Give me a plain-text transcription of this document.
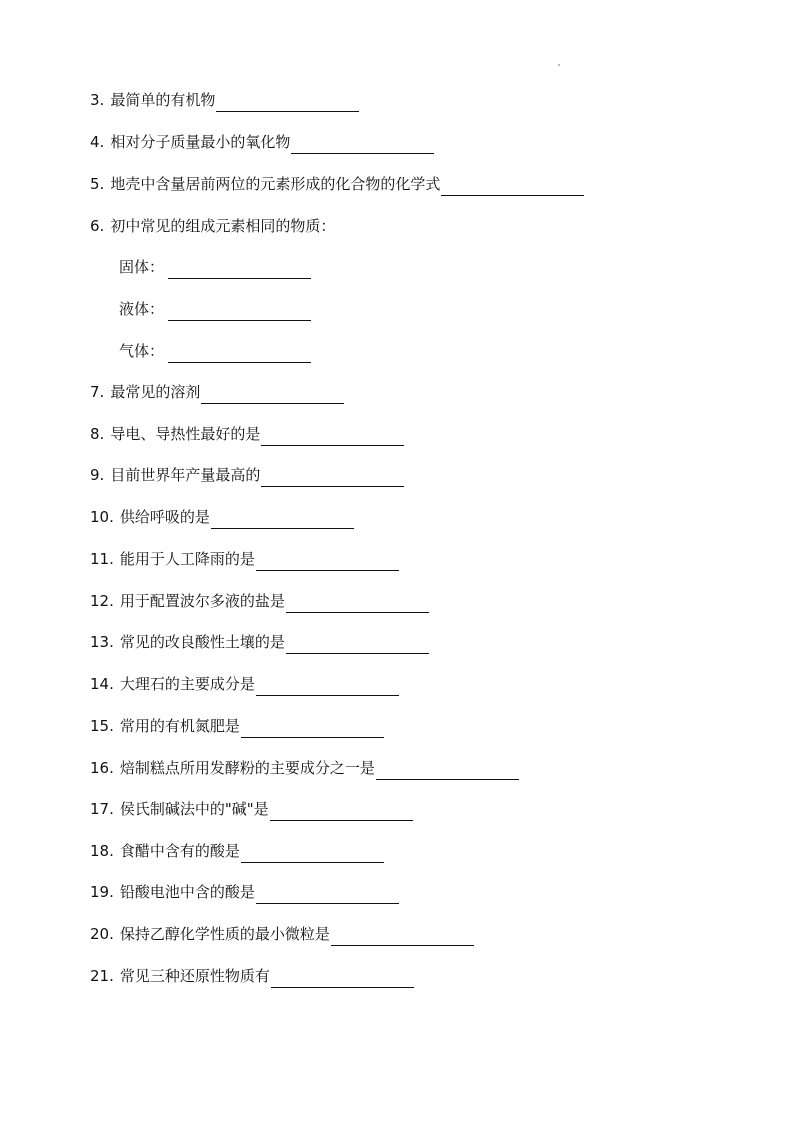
3. 最简单的有机物
4. 相对分子质量最小的氧化物
5. 地壳中含量居前两位的元素形成的化合物的化学式
6. 初中常见的组成元素相同的物质：
固体：
液体：
气体：
7. 最常见的溶剂
8. 导电、导热性最好的是
9. 目前世界年产量最高的
10. 供给呼吸的是
11. 能用于人工降雨的是
12. 用于配置波尔多液的盐是
13. 常见的改良酸性土壤的是
14. 大理石的主要成分是
15. 常用的有机氮肥是
16. 焙制糕点所用发酵粉的主要成分之一是
17. 侯氏制碱法中的"碱"是
18. 食醋中含有的酸是
19. 铅酸电池中含的酸是
20. 保持乙醇化学性质的最小微粒是
21. 常见三种还原性物质有
